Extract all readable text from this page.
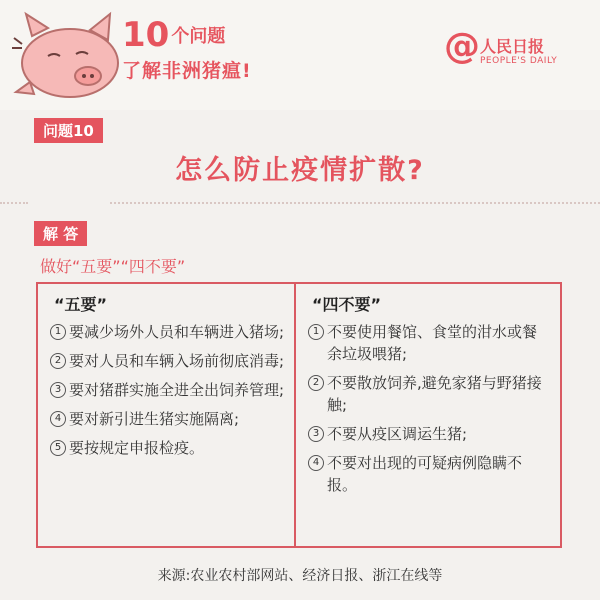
10 个问题
了解非洲猪瘟!
@ 人民日报
PEOPLE'S DAILY
问题10
怎么防止疫情扩散?
解 答
做好“五要”“四不要”
“五要”
1 要减少场外人员和车辆进入猪场;
2 要对人员和车辆入场前彻底消毒;
3 要对猪群实施全进全出饲养管理;
4 要对新引进生猪实施隔离;
5 要按规定申报检疫。
“四不要”
1 不要使用餐馆、食堂的泔水或餐余垃圾喂猪;
2 不要散放饲养,避免家猪与野猪接触;
3 不要从疫区调运生猪;
4 不要对出现的可疑病例隐瞒不报。
来源:农业农村部网站、经济日报、浙江在线等
